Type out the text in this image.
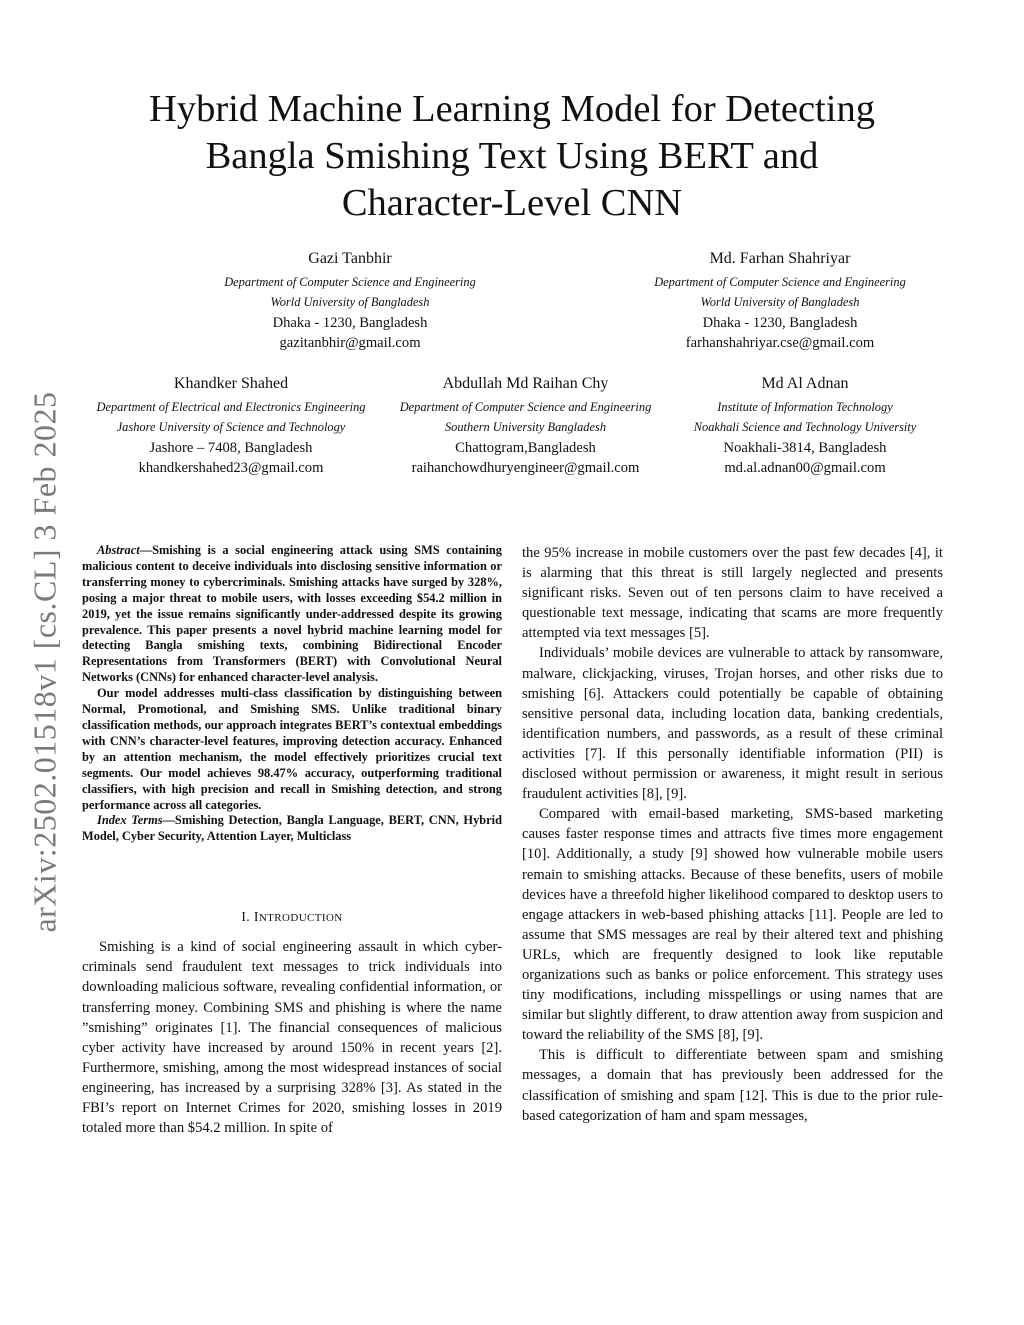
arXiv:2502.01518v1 [cs.CL] 3 Feb 2025
Hybrid Machine Learning Model for Detecting
Bangla Smishing Text Using BERT and
Character-Level CNN
Gazi Tanbhir
Department of Computer Science and Engineering
World University of Bangladesh
Dhaka - 1230, Bangladesh
gazitanbhir@gmail.com
Md. Farhan Shahriyar
Department of Computer Science and Engineering
World University of Bangladesh
Dhaka - 1230, Bangladesh
farhanshahriyar.cse@gmail.com
Khandker Shahed
Department of Electrical and Electronics Engineering
Jashore University of Science and Technology
Jashore – 7408, Bangladesh
khandkershahed23@gmail.com
Abdullah Md Raihan Chy
Department of Computer Science and Engineering
Southern University Bangladesh
Chattogram,Bangladesh
raihanchowdhuryengineer@gmail.com
Md Al Adnan
Institute of Information Technology
Noakhali Science and Technology University
Noakhali-3814, Bangladesh
md.al.adnan00@gmail.com

Abstract—Smishing is a social engineering attack using SMS containing malicious content to deceive individuals into disclosing sensitive information or transferring money to cybercriminals. Smishing attacks have surged by 328%, posing a major threat to mobile users, with losses exceeding $54.2 million in 2019, yet the issue remains significantly under-addressed despite its growing prevalence. This paper presents a novel hybrid machine learning model for detecting Bangla smishing texts, combining Bidirectional Encoder Representations from Transformers (BERT) with Convolutional Neural Networks (CNNs) for enhanced character-level analysis.

Our model addresses multi-class classification by distinguishing between Normal, Promotional, and Smishing SMS. Unlike traditional binary classification methods, our approach integrates BERT’s contextual embeddings with CNN’s character-level features, improving detection accuracy. Enhanced by an attention mechanism, the model effectively prioritizes crucial text segments. Our model achieves 98.47% accuracy, outperforming traditional classifiers, with high precision and recall in Smishing detection, and strong performance across all categories.

Index Terms—Smishing Detection, Bangla Language, BERT, CNN, Hybrid Model, Cyber Security, Attention Layer, Multiclass

I. INTRODUCTION

Smishing is a kind of social engineering assault in which cyber-criminals send fraudulent text messages to trick individuals into downloading malicious software, revealing confidential information, or transferring money. Combining SMS and phishing is where the name ”smishing” originates [1]. The financial consequences of malicious cyber activity have increased by around 150% in recent years [2]. Furthermore, smishing, among the most widespread instances of social engineering, has increased by a surprising 328% [3]. As stated in the FBI’s report on Internet Crimes for 2020, smishing losses in 2019 totaled more than $54.2 million. In spite of

the 95% increase in mobile customers over the past few decades [4], it is alarming that this threat is still largely neglected and presents significant risks. Seven out of ten persons claim to have received a questionable text message, indicating that scams are more frequently attempted via text messages [5].

Individuals’ mobile devices are vulnerable to attack by ransomware, malware, clickjacking, viruses, Trojan horses, and other risks due to smishing [6]. Attackers could potentially be capable of obtaining sensitive personal data, including location data, banking credentials, identification numbers, and passwords, as a result of these criminal activities [7]. If this personally identifiable information (PII) is disclosed without permission or awareness, it might result in serious fraudulent activities [8], [9].

Compared with email-based marketing, SMS-based marketing causes faster response times and attracts five times more engagement [10]. Additionally, a study [9] showed how vulnerable mobile users remain to smishing attacks. Because of these benefits, users of mobile devices have a threefold higher likelihood compared to desktop users to engage attackers in web-based phishing attacks [11]. People are led to assume that SMS messages are real by their altered text and phishing URLs, which are frequently designed to look like reputable organizations such as banks or police enforcement. This strategy uses tiny modifications, including misspellings or using names that are similar but slightly different, to draw attention away from suspicion and toward the reliability of the SMS [8], [9].

This is difficult to differentiate between spam and smishing messages, a domain that has previously been addressed for the classification of smishing and spam [12]. This is due to the prior rule-based categorization of ham and spam messages,
